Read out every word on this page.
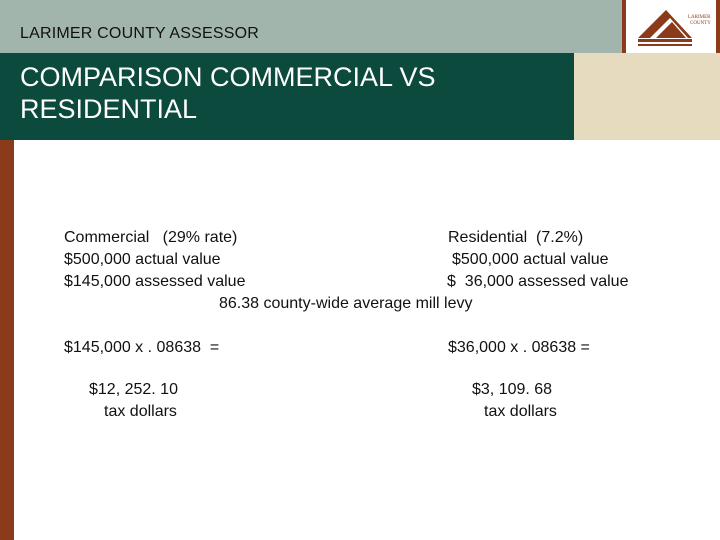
LARIMER COUNTY ASSESSOR
LARIMER
COUNTY
COMPARISON COMMERCIAL VS
RESIDENTIAL
Commercial   (29% rate)
$500,000 actual value
$145,000 assessed value
Residential  (7.2%)
$500,000 actual value
$  36,000 assessed value
86.38 county-wide average mill levy
$145,000 x . 08638  =	$36,000 x . 08638 =
$12, 252. 10
tax dollars
$3, 109. 68
tax dollars
